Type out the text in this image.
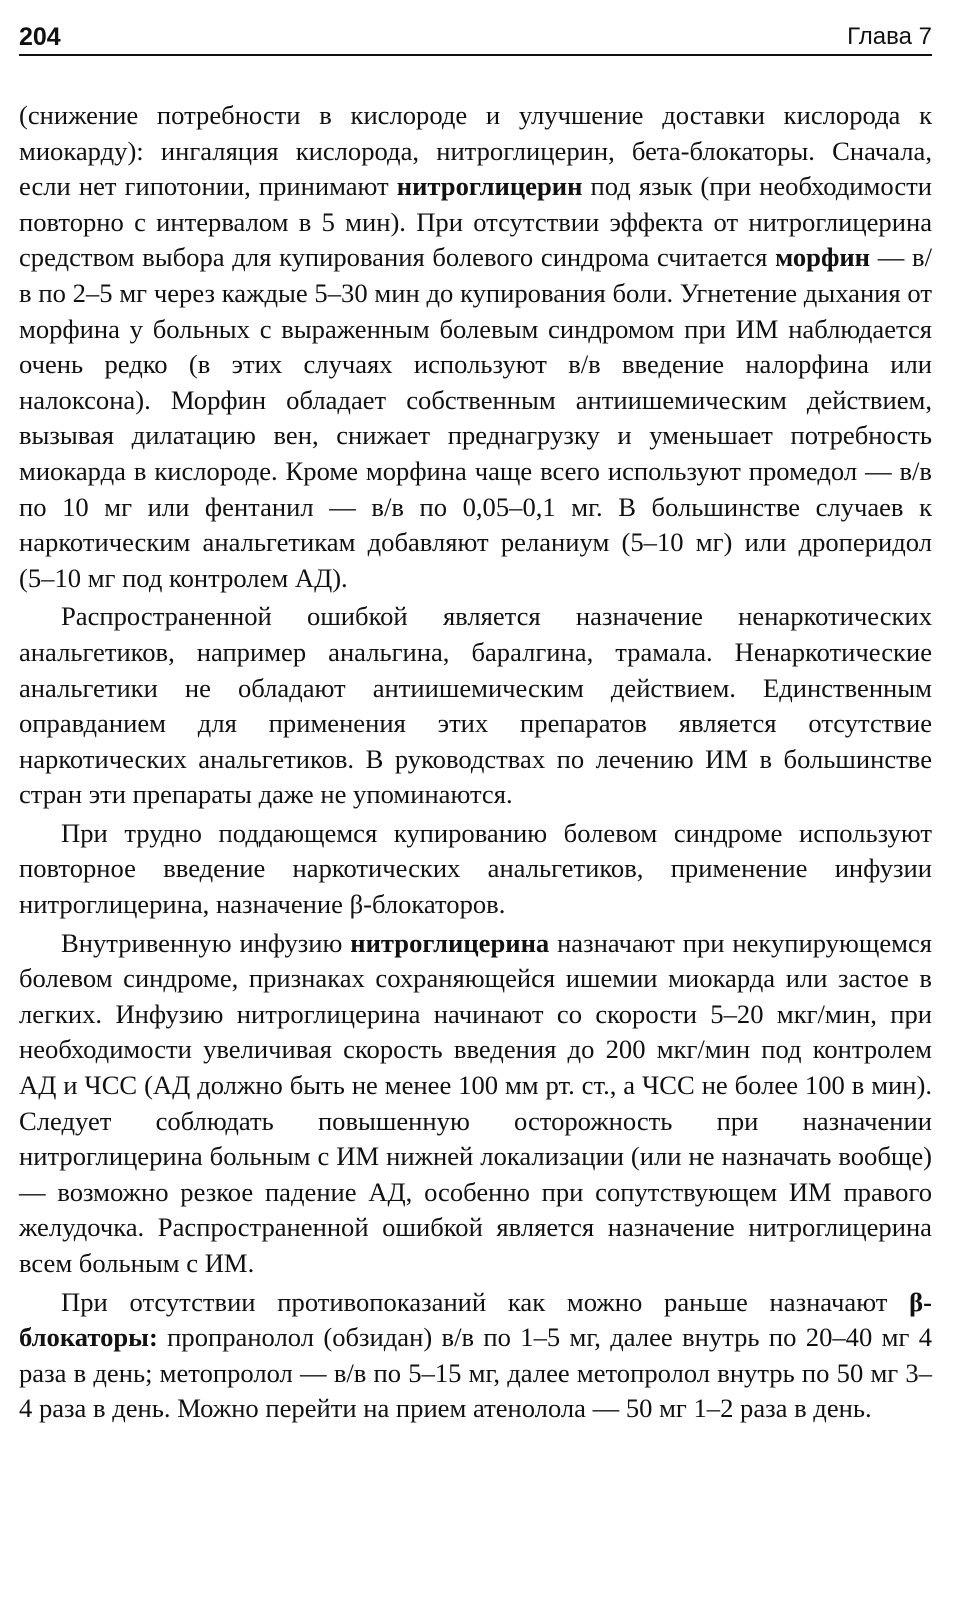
204	Глава 7

(снижение потребности в кислороде и улучшение доставки кислорода к миокарду): ингаляция кислорода, нитроглицерин, бета-блокаторы. Сначала, если нет гипотонии, принимают нитроглицерин под язык (при необходимости повторно с интервалом в 5 мин). При отсутствии эффекта от нитроглицерина средством выбора для купирования болевого синдрома считается морфин — в/в по 2–5 мг через каждые 5–30 мин до купирования боли. Угнетение дыхания от морфина у больных с выраженным болевым синдромом при ИМ наблюдается очень редко (в этих случаях используют в/в введение налорфина или налоксона). Морфин обладает собственным антиишемическим действием, вызывая дилатацию вен, снижает преднагрузку и уменьшает потребность миокарда в кислороде. Кроме морфина чаще всего используют промедол — в/в по 10 мг или фентанил — в/в по 0,05–0,1 мг. В большинстве случаев к наркотическим анальгетикам добавляют реланиум (5–10 мг) или дроперидол (5–10 мг под контролем АД).

Распространенной ошибкой является назначение ненаркотических анальгетиков, например анальгина, баралгина, трамала. Ненаркотические анальгетики не обладают антиишемическим действием. Единственным оправданием для применения этих препаратов является отсутствие наркотических анальгетиков. В руководствах по лечению ИМ в большинстве стран эти препараты даже не упоминаются.

При трудно поддающемся купированию болевом синдроме используют повторное введение наркотических анальгетиков, применение инфузии нитроглицерина, назначение β-блокаторов.

Внутривенную инфузию нитроглицерина назначают при некупирующемся болевом синдроме, признаках сохраняющейся ишемии миокарда или застое в легких. Инфузию нитроглицерина начинают со скорости 5–20 мкг/мин, при необходимости увеличивая скорость введения до 200 мкг/мин под контролем АД и ЧСС (АД должно быть не менее 100 мм рт. ст., а ЧСС не более 100 в мин). Следует соблюдать повышенную осторожность при назначении нитроглицерина больным с ИМ нижней локализации (или не назначать вообще) — возможно резкое падение АД, особенно при сопутствующем ИМ правого желудочка. Распространенной ошибкой является назначение нитроглицерина всем больным с ИМ.

При отсутствии противопоказаний как можно раньше назначают β-блокаторы: пропранолол (обзидан) в/в по 1–5 мг, далее внутрь по 20–40 мг 4 раза в день; метопролол — в/в по 5–15 мг, далее метопролол внутрь по 50 мг 3–4 раза в день. Можно перейти на прием атенолола — 50 мг 1–2 раза в день.
